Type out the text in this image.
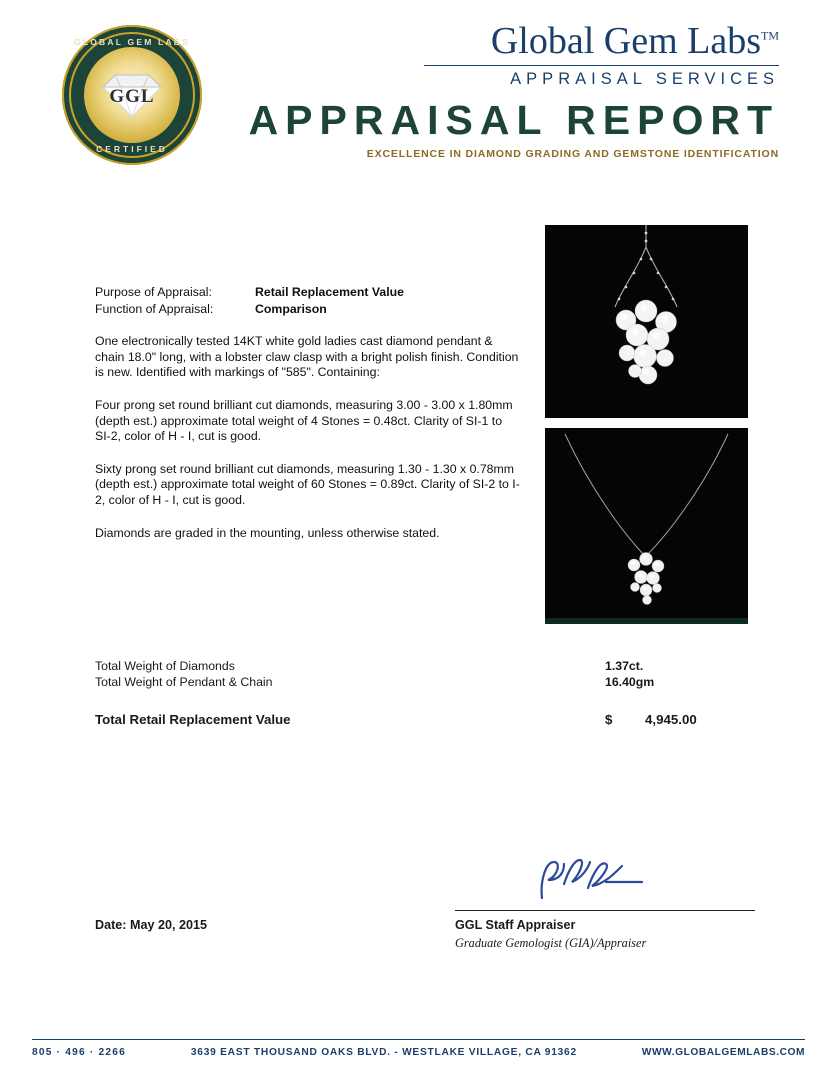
GLOBAL GEM LABS
CERTIFIED
GGL
Global Gem Labs™
APPRAISAL SERVICES
APPRAISAL REPORT
EXCELLENCE IN DIAMOND GRADING AND GEMSTONE IDENTIFICATION
Purpose of Appraisal:	Retail Replacement Value
Function of Appraisal:	Comparison
One electronically tested 14KT white gold ladies cast diamond pendant & chain 18.0" long, with a lobster claw clasp with a bright polish finish. Condition is new. Identified with markings of "585". Containing:
Four prong set round brilliant cut diamonds, measuring 3.00 - 3.00 x 1.80mm (depth est.) approximate total weight of 4 Stones = 0.48ct. Clarity of SI-1 to SI-2, color of H - I, cut is good.
Sixty prong set round brilliant cut diamonds, measuring 1.30 - 1.30 x 0.78mm (depth est.) approximate total weight of 60 Stones = 0.89ct. Clarity of SI-2 to I-2, color of H - I, cut is good.
Diamonds are graded in the mounting, unless otherwise stated.
Total Weight of Diamonds	1.37ct.
Total Weight of Pendant & Chain	16.40gm
Total Retail Replacement Value	$	4,945.00
Date: May 20, 2015	GGL Staff Appraiser
Graduate Gemologist (GIA)/Appraiser
805 · 496 · 2266	3639 EAST THOUSAND OAKS BLVD. - WESTLAKE VILLAGE, CA 91362	WWW.GLOBALGEMLABS.COM
